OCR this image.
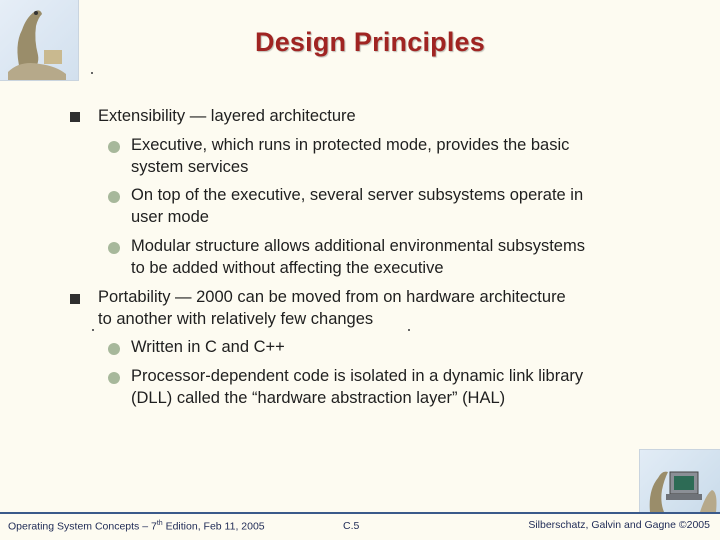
Design Principles
Extensibility — layered architecture
Executive, which runs in protected mode, provides the basic
system services
On top of the executive, several server subsystems operate in
user mode
Modular structure allows additional environmental subsystems
to be added without affecting the executive
Portability — 2000 can be moved from on hardware architecture
to another with relatively few changes
Written in C and C++
Processor-dependent code is isolated in a dynamic link library
(DLL) called the “hardware abstraction layer” (HAL)
Operating System Concepts – 7th Edition, Feb 11, 2005	C.5	Silberschatz, Galvin and Gagne ©2005
